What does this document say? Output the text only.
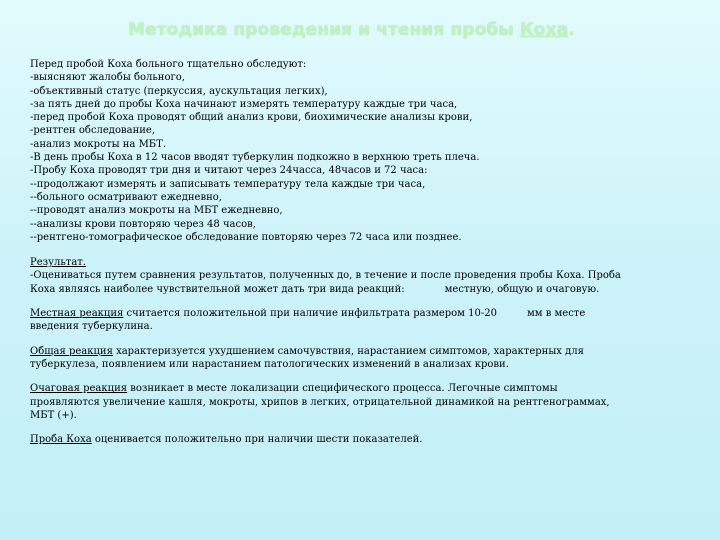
Методика проведения и чтения пробы Коха.
Перед пробой Коха больного тщательно обследуют:
-выясняют жалобы больного,
-объективный статус (перкуссия, аускультация легких),
-за пять дней до пробы Коха начинают измерять температуру каждые три часа,
-перед пробой Коха проводят общий анализ крови, биохимические анализы крови,
-рентген обследование,
-анализ мокроты на МБТ.
-В день пробы Коха в 12 часов вводят туберкулин подкожно в верхнюю треть плеча.
-Пробу Коха проводят три дня и читают через 24часса, 48часов и 72 часа:
--продолжают измерять и записывать температуру тела каждые три часа,
--больного осматривают ежедневно,
--проводят анализ мокроты на МБТ ежедневно,
--анализы крови повторяю через 48 часов,
--рентгено-томографическое обследование повторяю через 72 часа или позднее.
Результат.
-Оцениваться путем сравнения результатов, полученных до, в течение и после проведения пробы Коха. Проба
Коха являясь наиболее чувствительной может дать три вида реакций:	местную, общую и очаговую.
Местная реакция считается положительной при наличие инфильтрата размером 10-20	мм в месте
введения туберкулина.
Общая реакция характеризуется ухудшением самочувствия, нарастанием симптомов, характерных для
туберкулеза, появлением или нарастанием патологических изменений в анализах крови.
Очаговая реакция возникает в месте локализации специфического процесса. Легочные симптомы
проявляются увеличение кашля, мокроты, хрипов в легких, отрицательной динамикой на рентгенограммах,
МБТ (+).
Проба Коха оценивается положительно при наличии шести показателей.
